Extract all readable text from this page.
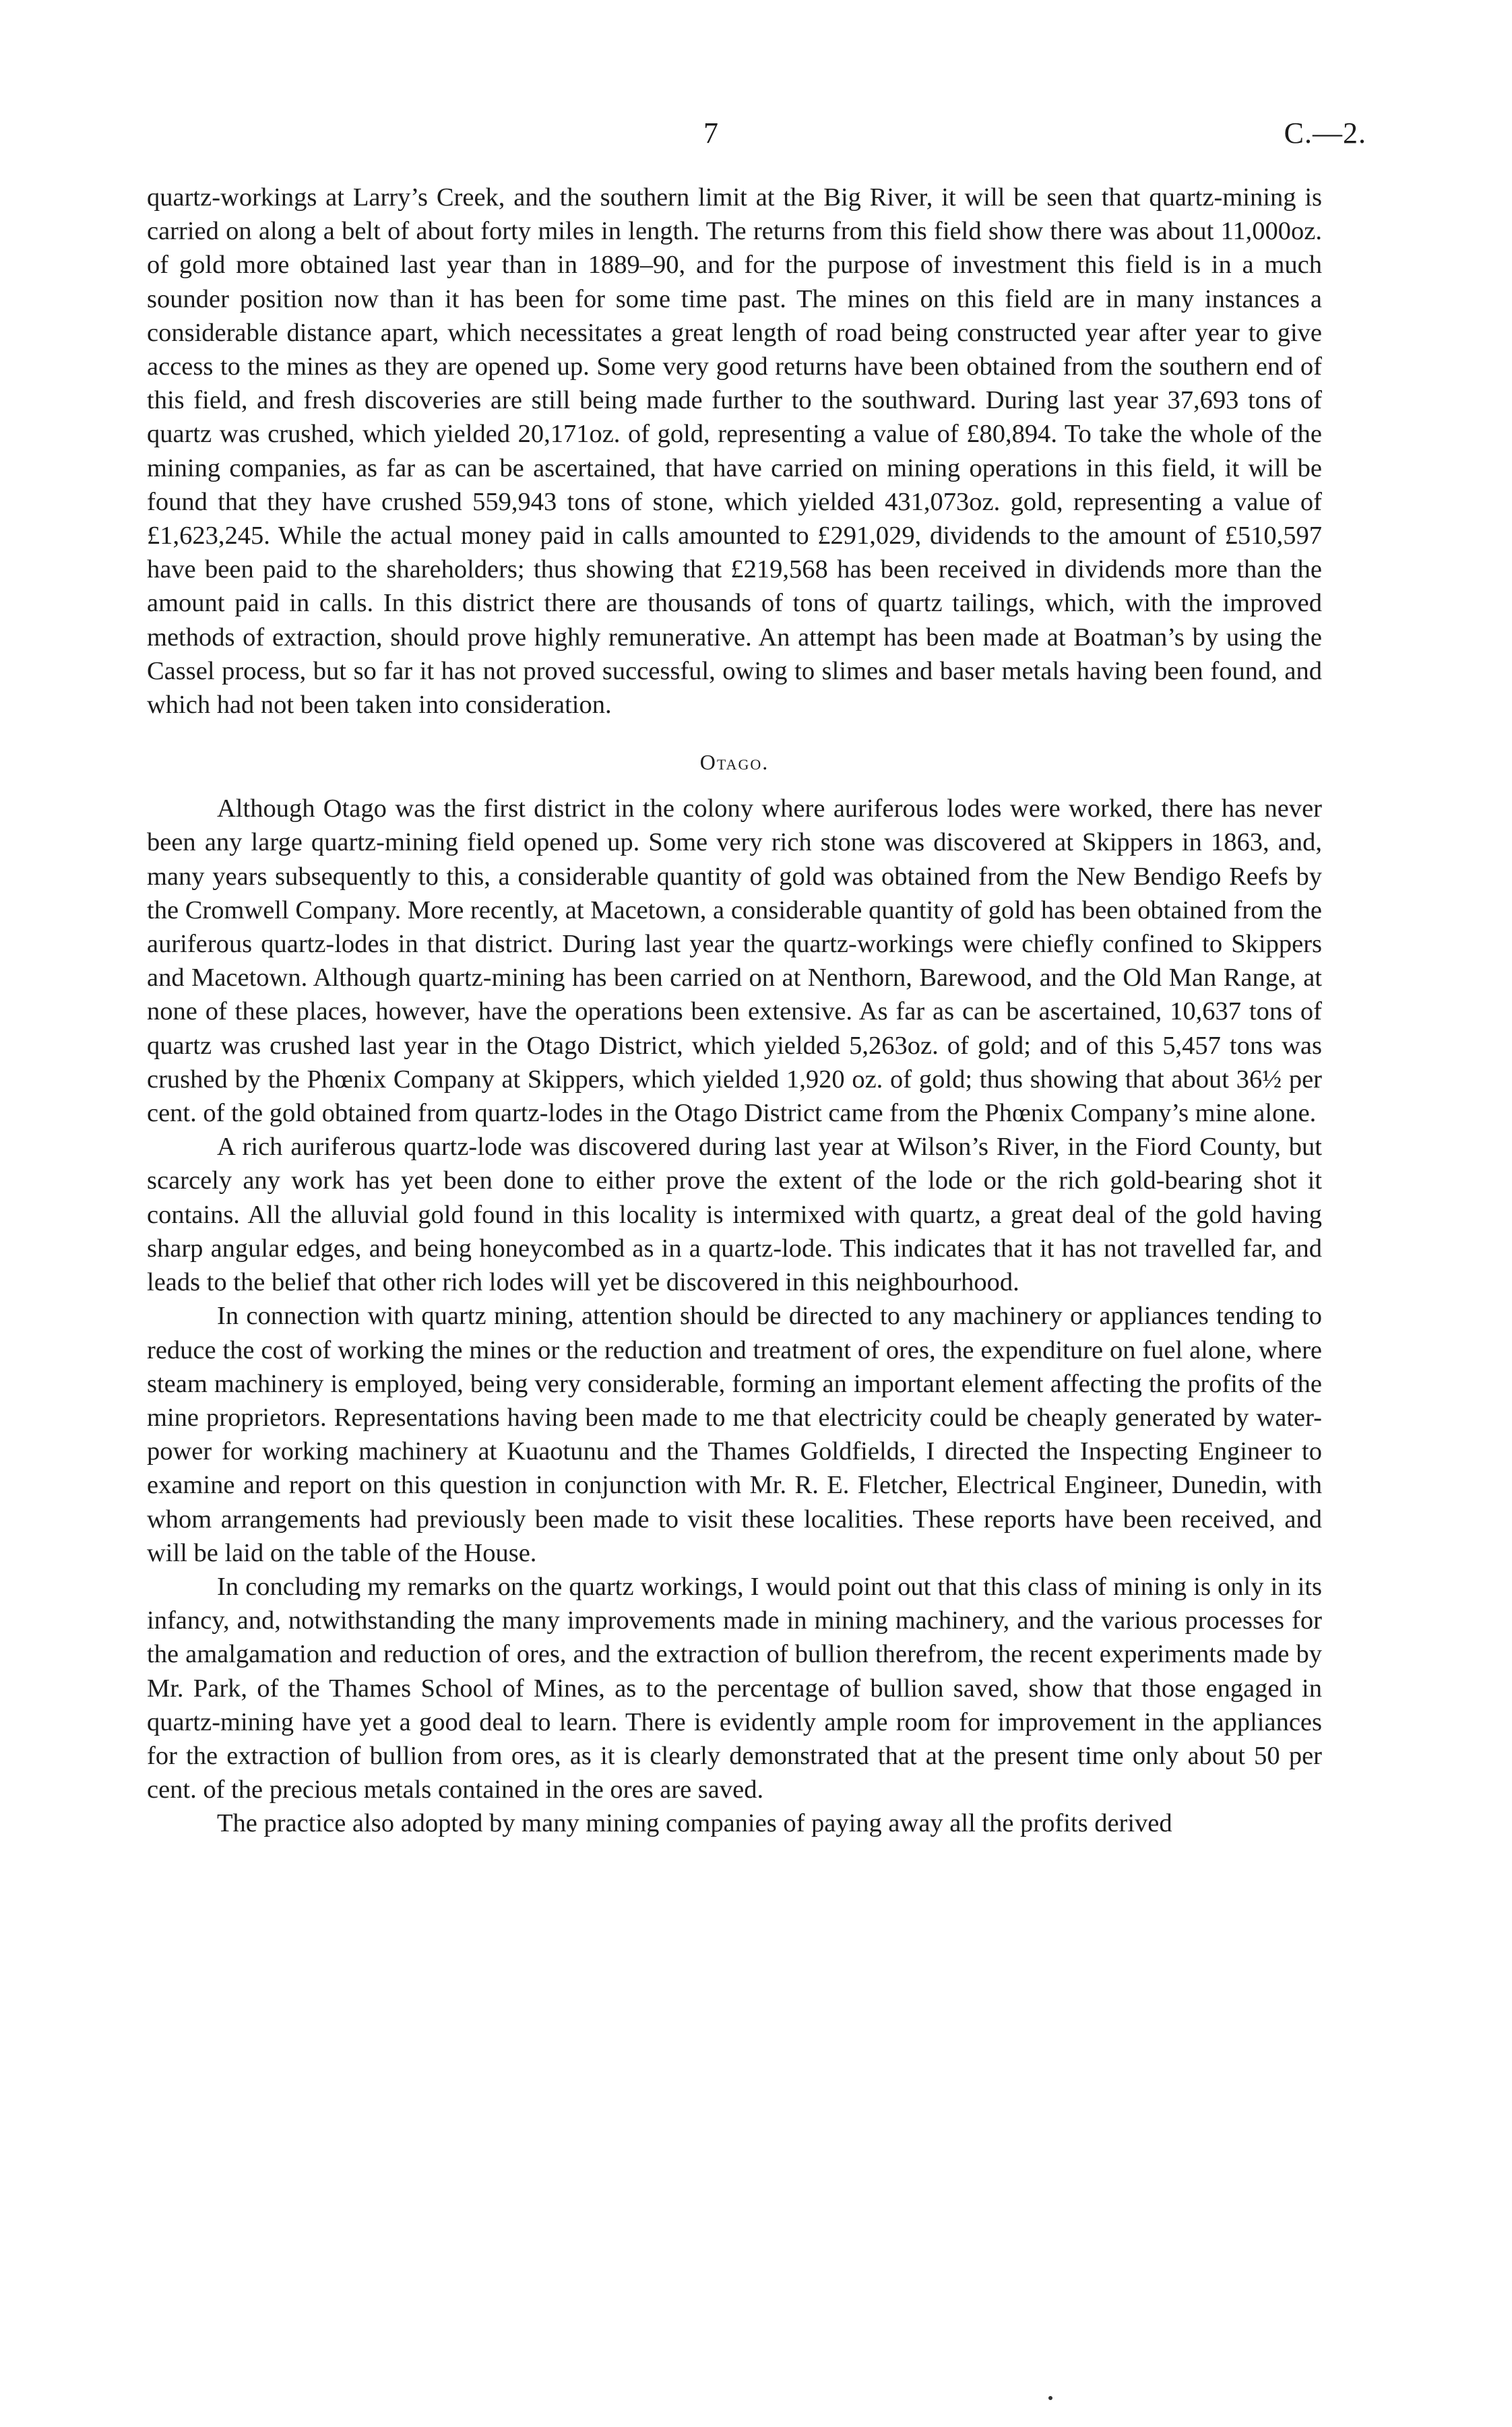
7	C.—2.

quartz-workings at Larry’s Creek, and the southern limit at the Big River, it will be seen that quartz-mining is carried on along a belt of about forty miles in length. The returns from this field show there was about 11,000oz. of gold more obtained last year than in 1889–90, and for the purpose of investment this field is in a much sounder position now than it has been for some time past. The mines on this field are in many instances a considerable distance apart, which necessitates a great length of road being constructed year after year to give access to the mines as they are opened up. Some very good returns have been obtained from the southern end of this field, and fresh discoveries are still being made further to the southward. During last year 37,693 tons of quartz was crushed, which yielded 20,171oz. of gold, representing a value of £80,894. To take the whole of the mining companies, as far as can be ascertained, that have carried on mining operations in this field, it will be found that they have crushed 559,943 tons of stone, which yielded 431,073oz. gold, representing a value of £1,623,245. While the actual money paid in calls amounted to £291,029, dividends to the amount of £510,597 have been paid to the shareholders; thus showing that £219,568 has been received in dividends more than the amount paid in calls. In this district there are thousands of tons of quartz tailings, which, with the improved methods of extraction, should prove highly remunerative. An attempt has been made at Boatman’s by using the Cassel process, but so far it has not proved successful, owing to slimes and baser metals having been found, and which had not been taken into consideration.

Otago.

Although Otago was the first district in the colony where auriferous lodes were worked, there has never been any large quartz-mining field opened up. Some very rich stone was discovered at Skippers in 1863, and, many years subsequently to this, a considerable quantity of gold was obtained from the New Bendigo Reefs by the Cromwell Company. More recently, at Macetown, a considerable quantity of gold has been obtained from the auriferous quartz-lodes in that district. During last year the quartz-workings were chiefly confined to Skippers and Macetown. Although quartz-mining has been carried on at Nenthorn, Barewood, and the Old Man Range, at none of these places, however, have the operations been extensive. As far as can be ascertained, 10,637 tons of quartz was crushed last year in the Otago District, which yielded 5,263oz. of gold; and of this 5,457 tons was crushed by the Phœnix Company at Skippers, which yielded 1,920 oz. of gold; thus showing that about 36½ per cent. of the gold obtained from quartz-lodes in the Otago District came from the Phœnix Company’s mine alone.

A rich auriferous quartz-lode was discovered during last year at Wilson’s River, in the Fiord County, but scarcely any work has yet been done to either prove the extent of the lode or the rich gold-bearing shot it contains. All the alluvial gold found in this locality is intermixed with quartz, a great deal of the gold having sharp angular edges, and being honeycombed as in a quartz-lode. This indicates that it has not travelled far, and leads to the belief that other rich lodes will yet be discovered in this neighbourhood.

In connection with quartz mining, attention should be directed to any machinery or appliances tending to reduce the cost of working the mines or the reduction and treatment of ores, the expenditure on fuel alone, where steam machinery is employed, being very considerable, forming an important element affecting the profits of the mine proprietors. Representations having been made to me that electricity could be cheaply generated by water-power for working machinery at Kuaotunu and the Thames Goldfields, I directed the Inspecting Engineer to examine and report on this question in conjunction with Mr. R. E. Fletcher, Electrical Engineer, Dunedin, with whom arrangements had previously been made to visit these localities. These reports have been received, and will be laid on the table of the House.

In concluding my remarks on the quartz workings, I would point out that this class of mining is only in its infancy, and, notwithstanding the many improvements made in mining machinery, and the various processes for the amalgamation and reduction of ores, and the extraction of bullion therefrom, the recent experiments made by Mr. Park, of the Thames School of Mines, as to the percentage of bullion saved, show that those engaged in quartz-mining have yet a good deal to learn. There is evidently ample room for improvement in the appliances for the extraction of bullion from ores, as it is clearly demonstrated that at the present time only about 50 per cent. of the precious metals contained in the ores are saved.

The practice also adopted by many mining companies of paying away all the profits derived
